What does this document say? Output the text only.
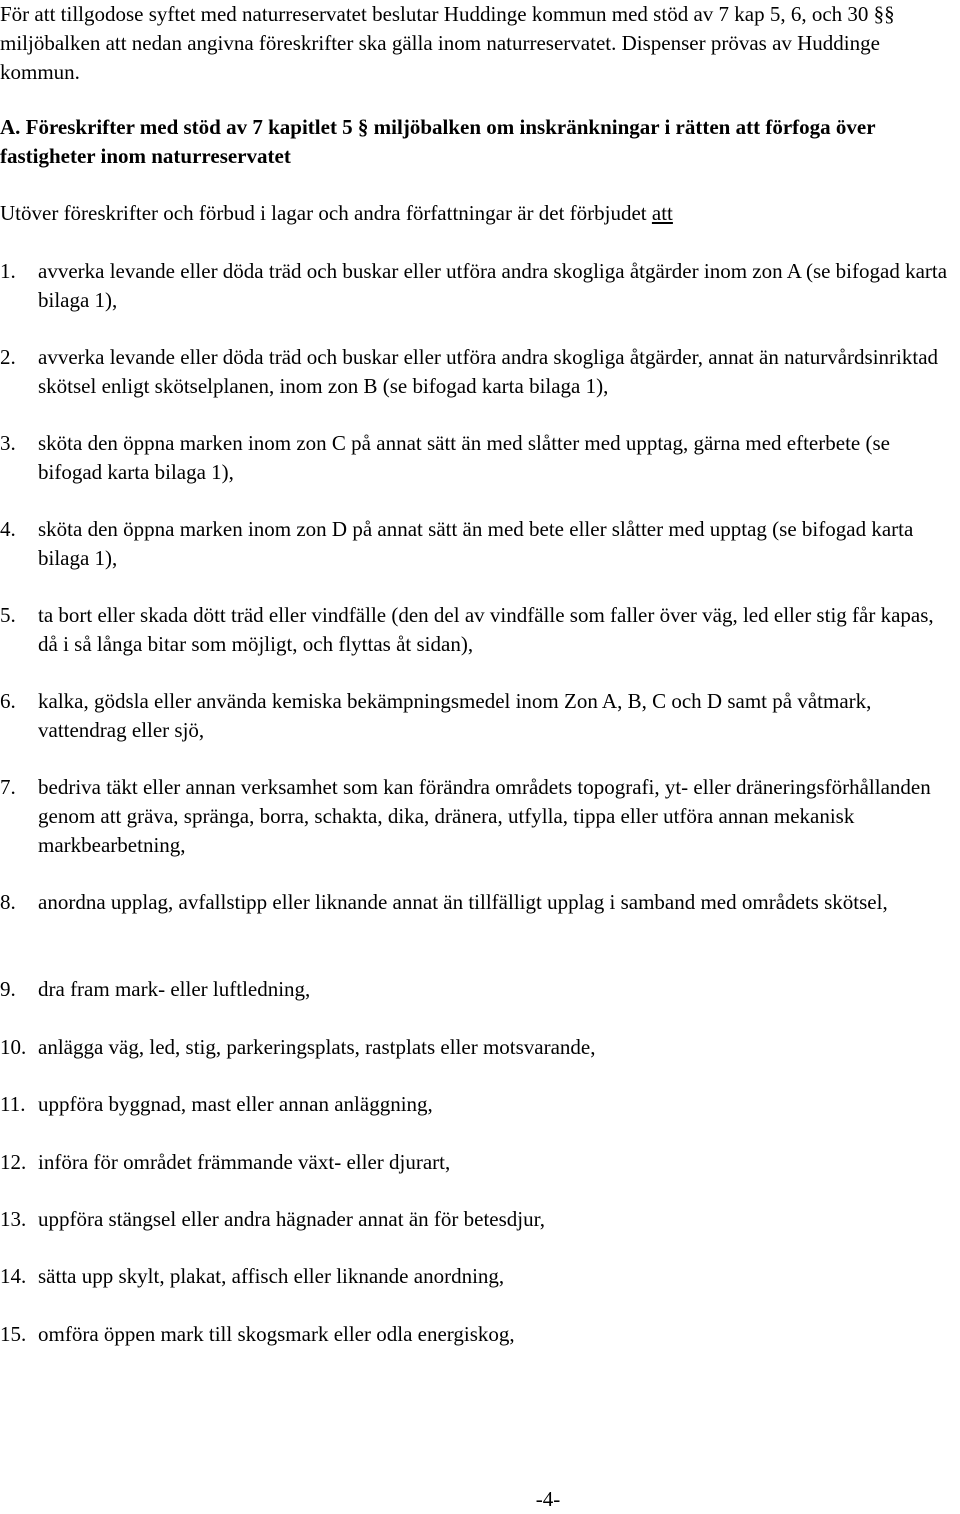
För att tillgodose syftet med naturreservatet beslutar Huddinge kommun med stöd av 7 kap 5, 6, och 30 §§ miljöbalken att nedan angivna föreskrifter ska gälla inom naturreservatet. Dispenser prövas av Huddinge kommun.

A. Föreskrifter med stöd av 7 kapitlet 5 § miljöbalken om inskränkningar i rätten att förfoga över fastigheter inom naturreservatet

Utöver föreskrifter och förbud i lagar och andra författningar är det förbjudet att

1.	avverka levande eller döda träd och buskar eller utföra andra skogliga åtgärder inom zon A (se bifogad karta bilaga 1),
2.	avverka levande eller döda träd och buskar eller utföra andra skogliga åtgärder, annat än naturvårdsinriktad skötsel enligt skötselplanen, inom zon B (se bifogad karta bilaga 1),
3.	sköta den öppna marken inom zon C på annat sätt än med slåtter med upptag, gärna med efterbete (se bifogad karta bilaga 1),
4.	sköta den öppna marken inom zon D på annat sätt än med bete eller slåtter med upptag (se bifogad karta bilaga 1),
5.	ta bort eller skada dött träd eller vindfälle (den del av vindfälle som faller över väg, led eller stig får kapas, då i så långa bitar som möjligt, och flyttas åt sidan),
6.	kalka, gödsla eller använda kemiska bekämpningsmedel inom Zon A, B, C och D samt på våtmark, vattendrag eller sjö,
7.	bedriva täkt eller annan verksamhet som kan förändra områdets topografi, yt- eller dräneringsförhållanden genom att gräva, spränga, borra, schakta, dika, dränera, utfylla, tippa eller utföra annan mekanisk markbearbetning,
8.	anordna upplag, avfallstipp eller liknande annat än tillfälligt upplag i samband med områdets skötsel,
9.	dra fram mark- eller luftledning,
10. anlägga väg, led, stig, parkeringsplats, rastplats eller motsvarande,
11. uppföra byggnad, mast eller annan anläggning,
12. införa för området främmande växt- eller djurart,
13. uppföra stängsel eller andra hägnader annat än för betesdjur,
14. sätta upp skylt, plakat, affisch eller liknande anordning,
15. omföra öppen mark till skogsmark eller odla energiskog,
-4-
